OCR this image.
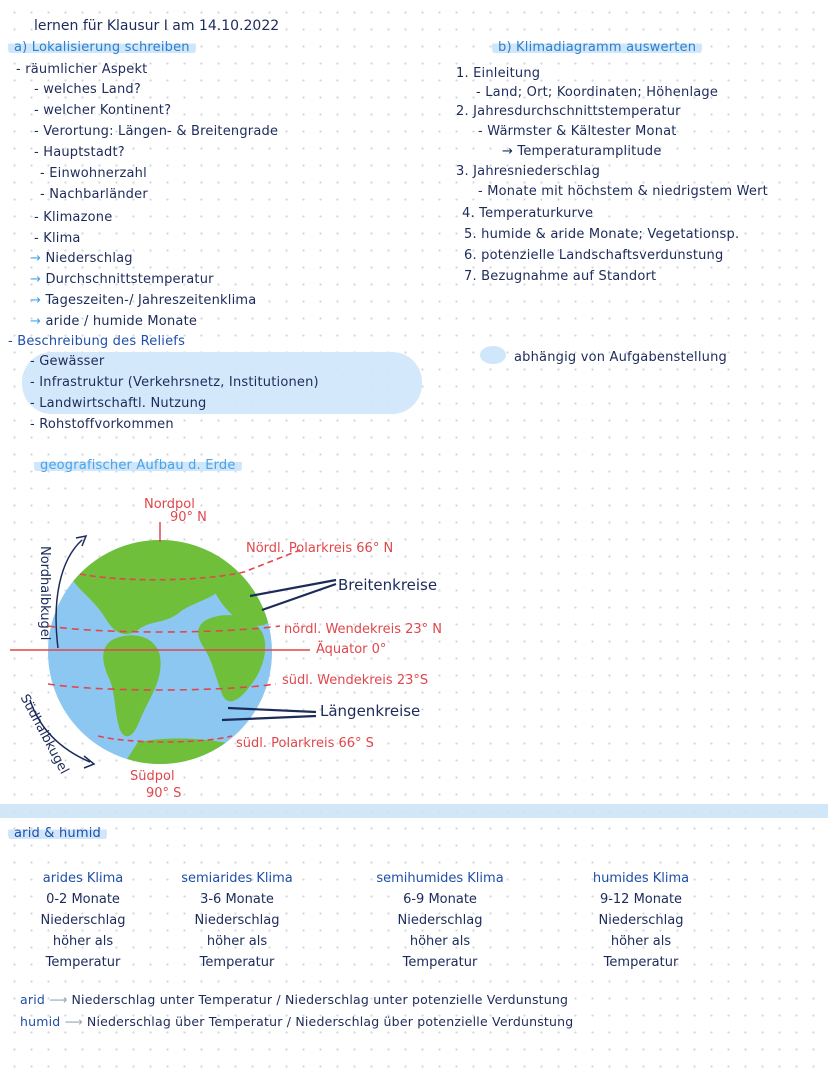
lernen für Klausur I am 14.10.2022
a) Lokalisierung schreiben
- räumlicher Aspekt
- welches Land?
- welcher Kontinent?
- Verortung: Längen- & Breitengrade
- Hauptstadt?
- Einwohnerzahl
- Nachbarländer
- Klimazone
- Klima
→ Niederschlag
→ Durchschnittstemperatur
→ Tageszeiten-/ Jahreszeitenklima
→ aride / humide Monate
- Beschreibung des Reliefs
- Gewässer
- Infrastruktur (Verkehrsnetz, Institutionen)
- Landwirtschaftl. Nutzung
- Rohstoffvorkommen
b) Klimadiagramm auswerten
1. Einleitung
- Land; Ort; Koordinaten; Höhenlage
2. Jahresdurchschnittstemperatur
- Wärmster & Kältester Monat
→ Temperaturamplitude
3. Jahresniederschlag
- Monate mit höchstem & niedrigstem Wert
4. Temperaturkurve
5. humide & aride Monate; Vegetationsp.
6. potenzielle Landschaftsverdunstung
7. Bezugnahme auf Standort
abhängig von Aufgabenstellung
geografischer Aufbau d. Erde
Nordpol
90° N
Nördl. Polarkreis 66° N
Breitenkreise
nördl. Wendekreis 23° N
Äquator 0°
südl. Wendekreis 23°S
Längenkreise
südl. Polarkreis 66° S
Südpol
90° S
Nordhalbkugel
Südhalbkugel
arid & humid
arides Klima
0-2 Monate
Niederschlag
höher als
Temperatur
semiarides Klima
3-6 Monate
Niederschlag
höher als
Temperatur
semihumides Klima
6-9 Monate
Niederschlag
höher als
Temperatur
humides Klima
9-12 Monate
Niederschlag
höher als
Temperatur
arid ⟶ Niederschlag unter Temperatur / Niederschlag unter potenzielle Verdunstung
humid ⟶ Niederschlag über Temperatur / Niederschlag über potenzielle Verdunstung
